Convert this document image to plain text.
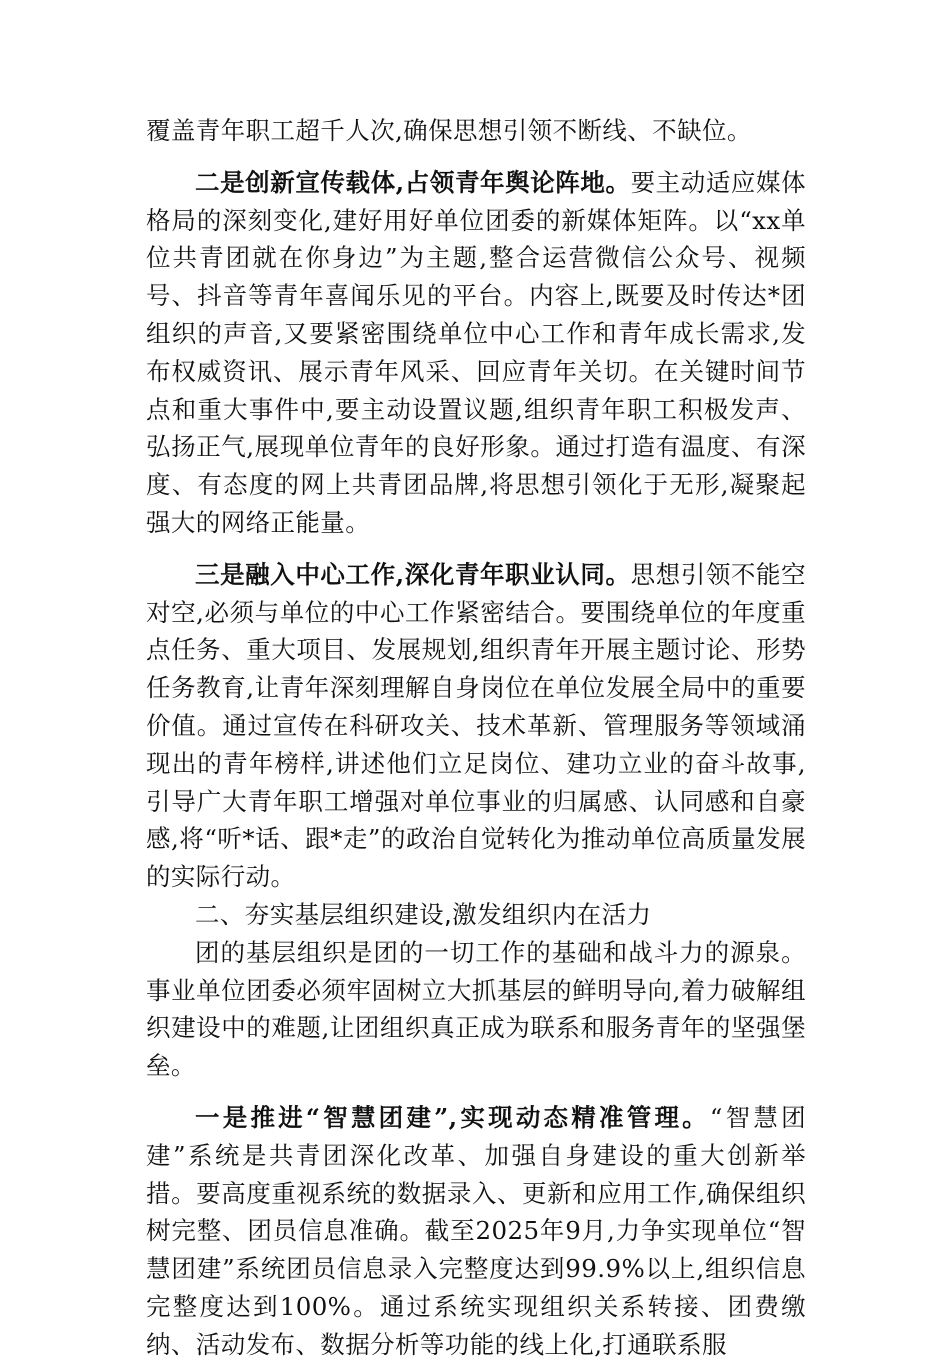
覆盖青年职工超千人次,确保思想引领不断线、不缺位。

二是创新宣传载体,占领青年舆论阵地。要主动适应媒体格局的深刻变化,建好用好单位团委的新媒体矩阵。以“xx单位共青团就在你身边”为主题,整合运营微信公众号、视频号、抖音等青年喜闻乐见的平台。内容上,既要及时传达*团组织的声音,又要紧密围绕单位中心工作和青年成长需求,发布权威资讯、展示青年风采、回应青年关切。在关键时间节点和重大事件中,要主动设置议题,组织青年职工积极发声、弘扬正气,展现单位青年的良好形象。通过打造有温度、有深度、有态度的网上共青团品牌,将思想引领化于无形,凝聚起强大的网络正能量。

三是融入中心工作,深化青年职业认同。思想引领不能空对空,必须与单位的中心工作紧密结合。要围绕单位的年度重点任务、重大项目、发展规划,组织青年开展主题讨论、形势任务教育,让青年深刻理解自身岗位在单位发展全局中的重要价值。通过宣传在科研攻关、技术革新、管理服务等领域涌现出的青年榜样,讲述他们立足岗位、建功立业的奋斗故事,引导广大青年职工增强对单位事业的归属感、认同感和自豪感,将“听*话、跟*走”的政治自觉转化为推动单位高质量发展的实际行动。

二、夯实基层组织建设,激发组织内在活力

团的基层组织是团的一切工作的基础和战斗力的源泉。事业单位团委必须牢固树立大抓基层的鲜明导向,着力破解组织建设中的难题,让团组织真正成为联系和服务青年的坚强堡垒。

一是推进“智慧团建”,实现动态精准管理。“智慧团建”系统是共青团深化改革、加强自身建设的重大创新举措。要高度重视系统的数据录入、更新和应用工作,确保组织树完整、团员信息准确。截至2025年9月,力争实现单位“智慧团建”系统团员信息录入完整度达到99.9%以上,组织信息完整度达到100%。通过系统实现组织关系转接、团费缴纳、活动发布、数据分析等功能的线上化,打通联系服
